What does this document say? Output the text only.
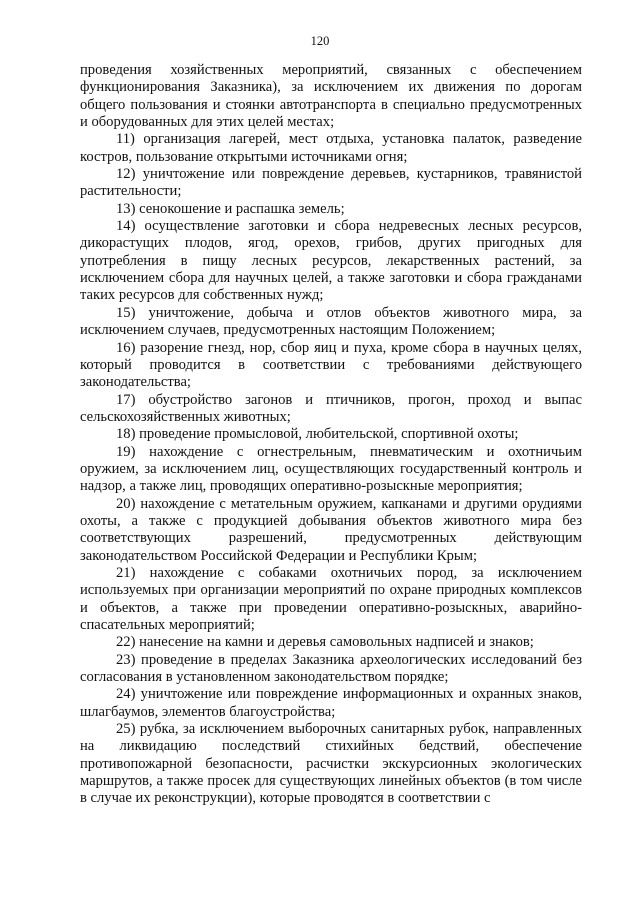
120

проведения хозяйственных мероприятий, связанных с обеспечением функционирования Заказника), за исключением их движения по дорогам общего пользования и стоянки автотранспорта в специально предусмотренных и оборудованных для этих целей местах;

11) организация лагерей, мест отдыха, установка палаток, разведение костров, пользование открытыми источниками огня;

12) уничтожение или повреждение деревьев, кустарников, травянистой растительности;

13) сенокошение и распашка земель;

14) осуществление заготовки и сбора недревесных лесных ресурсов, дикорастущих плодов, ягод, орехов, грибов, других пригодных для употребления в пищу лесных ресурсов, лекарственных растений, за исключением сбора для научных целей, а также заготовки и сбора гражданами таких ресурсов для собственных нужд;

15) уничтожение, добыча и отлов объектов животного мира, за исключением случаев, предусмотренных настоящим Положением;

16) разорение гнезд, нор, сбор яиц и пуха, кроме сбора в научных целях, который проводится в соответствии с требованиями действующего законодательства;

17) обустройство загонов и птичников, прогон, проход и выпас сельскохозяйственных животных;

18) проведение промысловой, любительской, спортивной охоты;

19) нахождение с огнестрельным, пневматическим и охотничьим оружием, за исключением лиц, осуществляющих государственный контроль и надзор, а также лиц, проводящих оперативно-розыскные мероприятия;

20) нахождение с метательным оружием, капканами и другими орудиями охоты, а также с продукцией добывания объектов животного мира без соответствующих разрешений, предусмотренных действующим законодательством Российской Федерации и Республики Крым;

21) нахождение с собаками охотничьих пород, за исключением используемых при организации мероприятий по охране природных комплексов и объектов, а также при проведении оперативно-розыскных, аварийно-спасательных мероприятий;

22) нанесение на камни и деревья самовольных надписей и знаков;

23) проведение в пределах Заказника археологических исследований без согласования в установленном законодательством порядке;

24) уничтожение или повреждение информационных и охранных знаков, шлагбаумов, элементов благоустройства;

25) рубка, за исключением выборочных санитарных рубок, направленных на ликвидацию последствий стихийных бедствий, обеспечение противопожарной безопасности, расчистки экскурсионных экологических маршрутов, а также просек для существующих линейных объектов (в том числе в случае их реконструкции), которые проводятся в соответствии с
